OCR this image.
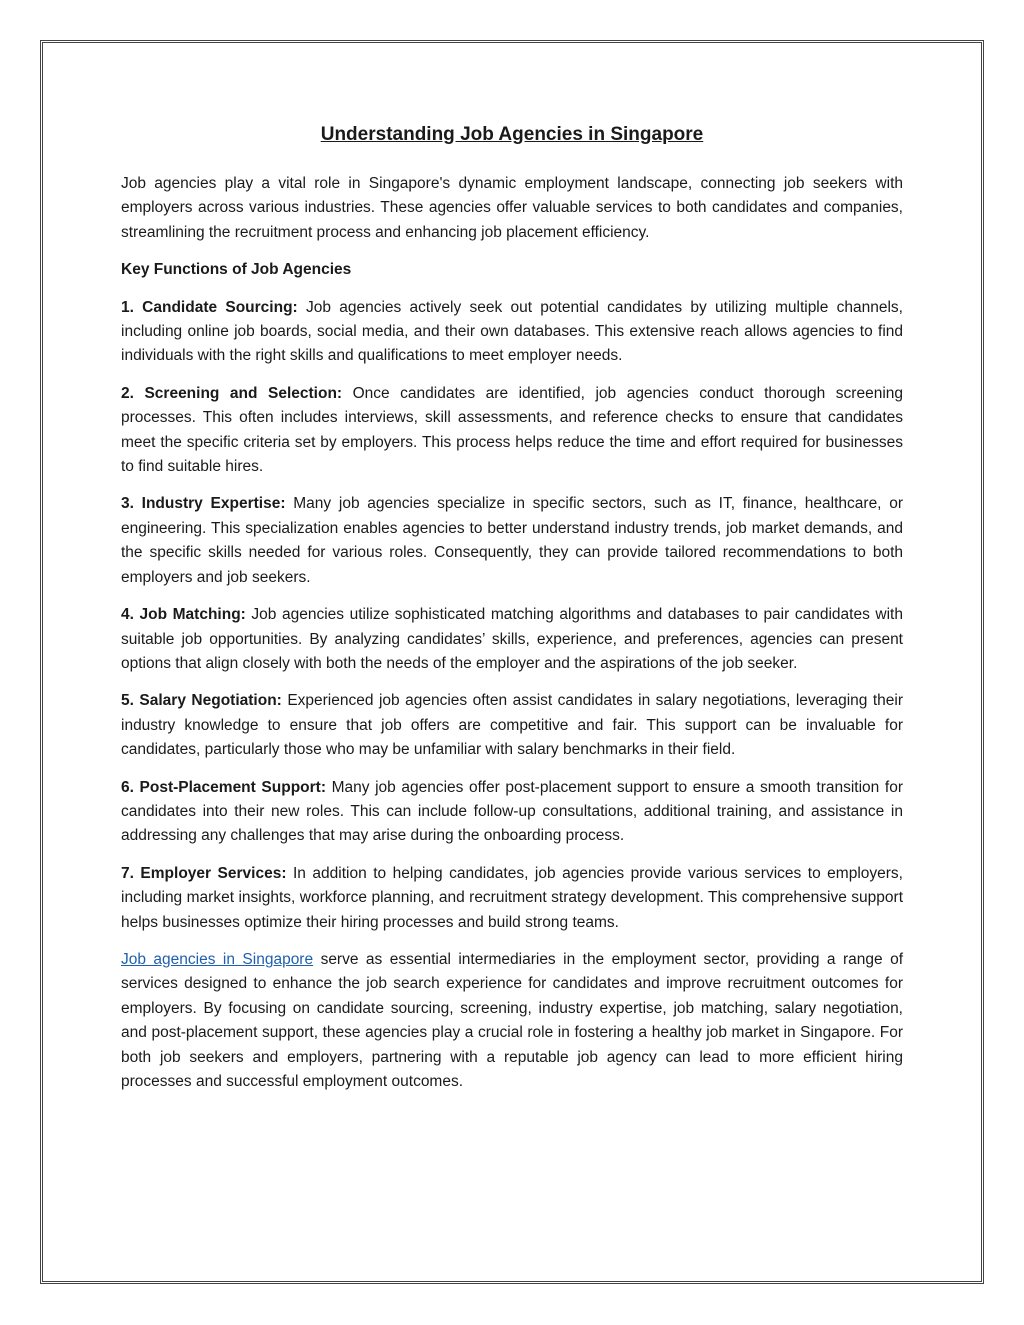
Understanding Job Agencies in Singapore

Job agencies play a vital role in Singapore's dynamic employment landscape, connecting job seekers with employers across various industries. These agencies offer valuable services to both candidates and companies, streamlining the recruitment process and enhancing job placement efficiency.

Key Functions of Job Agencies

1. Candidate Sourcing: Job agencies actively seek out potential candidates by utilizing multiple channels, including online job boards, social media, and their own databases. This extensive reach allows agencies to find individuals with the right skills and qualifications to meet employer needs.

2. Screening and Selection: Once candidates are identified, job agencies conduct thorough screening processes. This often includes interviews, skill assessments, and reference checks to ensure that candidates meet the specific criteria set by employers. This process helps reduce the time and effort required for businesses to find suitable hires.

3. Industry Expertise: Many job agencies specialize in specific sectors, such as IT, finance, healthcare, or engineering. This specialization enables agencies to better understand industry trends, job market demands, and the specific skills needed for various roles. Consequently, they can provide tailored recommendations to both employers and job seekers.

4. Job Matching: Job agencies utilize sophisticated matching algorithms and databases to pair candidates with suitable job opportunities. By analyzing candidates’ skills, experience, and preferences, agencies can present options that align closely with both the needs of the employer and the aspirations of the job seeker.

5. Salary Negotiation: Experienced job agencies often assist candidates in salary negotiations, leveraging their industry knowledge to ensure that job offers are competitive and fair. This support can be invaluable for candidates, particularly those who may be unfamiliar with salary benchmarks in their field.

6. Post-Placement Support: Many job agencies offer post-placement support to ensure a smooth transition for candidates into their new roles. This can include follow-up consultations, additional training, and assistance in addressing any challenges that may arise during the onboarding process.

7. Employer Services: In addition to helping candidates, job agencies provide various services to employers, including market insights, workforce planning, and recruitment strategy development. This comprehensive support helps businesses optimize their hiring processes and build strong teams.

Job agencies in Singapore serve as essential intermediaries in the employment sector, providing a range of services designed to enhance the job search experience for candidates and improve recruitment outcomes for employers. By focusing on candidate sourcing, screening, industry expertise, job matching, salary negotiation, and post-placement support, these agencies play a crucial role in fostering a healthy job market in Singapore. For both job seekers and employers, partnering with a reputable job agency can lead to more efficient hiring processes and successful employment outcomes.
